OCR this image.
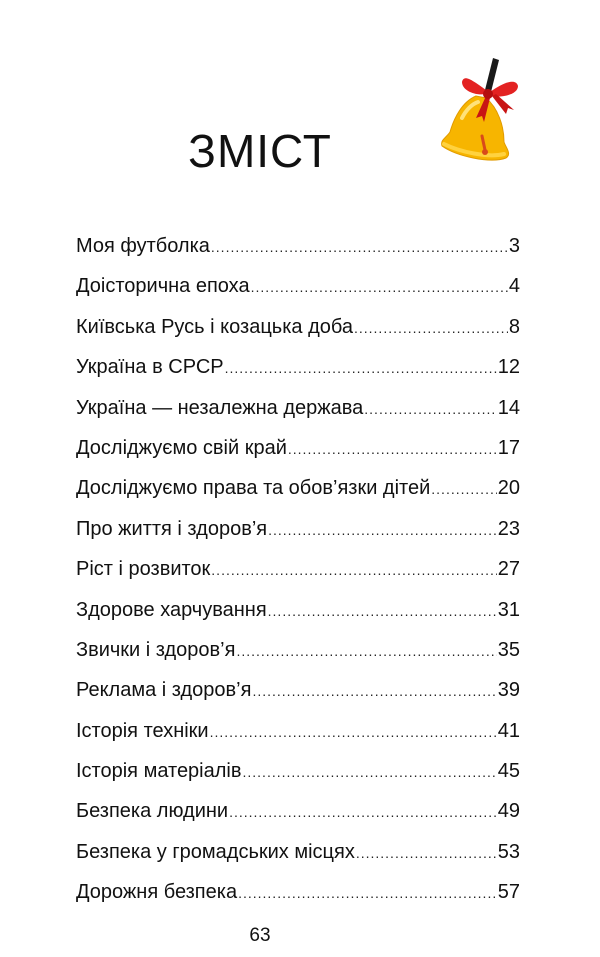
ЗМІСТ
Моя футболка .....	3
Доісторична епоха .....	4
Київська Русь і козацька доба .....	8
Україна в СРСР .....	12
Україна — незалежна держава .....	14
Досліджуємо свій край .....	17
Досліджуємо права та обов’язки дітей .....	20
Про життя і здоров’я .....	23
Ріст і розвиток .....	27
Здорове харчування .....	31
Звички і здоров’я .....	35
Реклама і здоров’я .....	39
Історія техніки .....	41
Історія матеріалів .....	45
Безпека людини .....	49
Безпека у громадських місцях .....	53
Дорожня безпека .....	57

63
